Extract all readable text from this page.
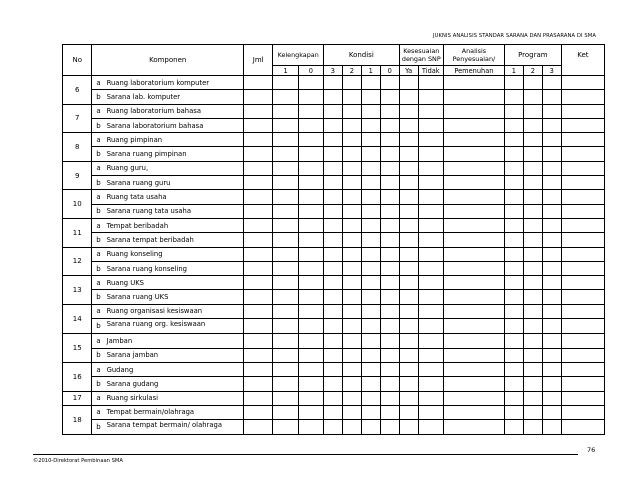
JUKNIS ANALISIS STANDAR SARANA DAN PRASARANA DI SMA
No	Komponen		Jml	Kelengkapan		Kondisi				Kesesuaian dengan SNP		Analisis Penyesuaian/	Program			Ket
				1	0	3	2	1	0	Ya	Tidak	Pemenuhan	1	2	3	
6	a	Ruang laboratorium komputer														
	b	Sarana lab. komputer														
7	a	Ruang laboratorium bahasa														
	b	Sarana laboratorium bahasa														
8	a	Ruang pimpinan														
	b	Sarana ruang pimpinan														
9	a	Ruang guru,														
	b	Sarana ruang guru														
10	a	Ruang tata usaha														
	b	Sarana ruang tata usaha														
11	a	Tempat beribadah														
	b	Sarana tempat beribadah														
12	a	Ruang konseling														
	b	Sarana ruang konseling														
13	a	Ruang UKS														
	b	Sarana ruang UKS														
14	a	Ruang organisasi kesiswaan														
	b	Sarana ruang org. kesiswaan														
15	a	Jamban														
	b	Sarana jamban														
16	a	Gudang														
	b	Sarana gudang														
17	a	Ruang sirkulasi														
18	a	Tempat bermain/olahraga														
	b	Sarana tempat bermain/ olahraga														
76
©2010-Direktorat Pembinaan SMA
